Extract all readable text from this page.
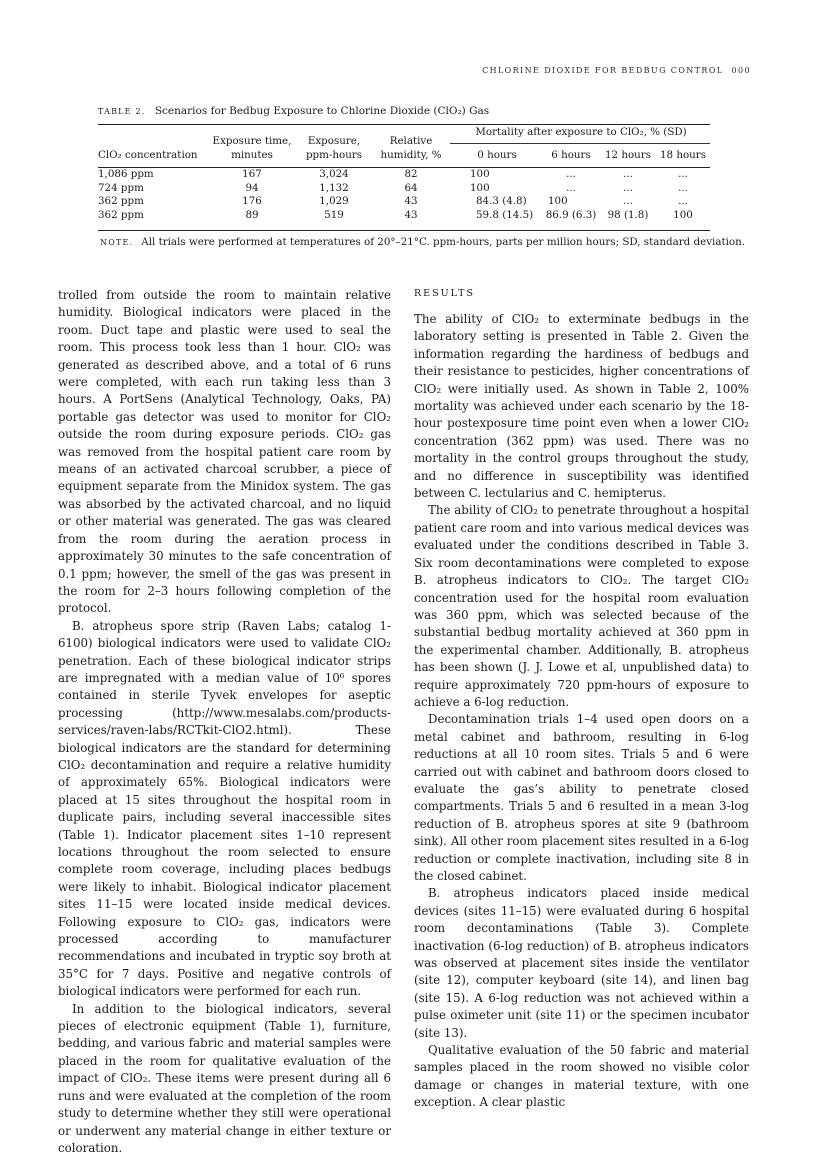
CHLORINE DIOXIDE FOR BEDBUG CONTROL 000
TABLE 2. Scenarios for Bedbug Exposure to Chlorine Dioxide (ClO₂) Gas

	Exposure time,	Exposure,	Relative	Mortality after exposure to ClO₂, % (SD)			
ClO₂ concentration	minutes	ppm-hours	humidity, %	0 hours	6 hours	12 hours	18 hours

1,086 ppm	167	3,024	82	100	...	...	...
724 ppm	94	1,132	64	100	...	...	...
362 ppm	176	1,029	43	84.3 (4.8)	100	...	...
362 ppm	89	519	43	59.8 (14.5)	86.9 (6.3)	98 (1.8)	100
NOTE. All trials were performed at temperatures of 20°–21°C. ppm-hours, parts per million hours; SD, standard deviation.

trolled from outside the room to maintain relative humidity. Biological indicators were placed in the room. Duct tape and plastic were used to seal the room. This process took less than 1 hour. ClO₂ was generated as described above, and a total of 6 runs were completed, with each run taking less than 3 hours. A PortSens (Analytical Technology, Oaks, PA) portable gas detector was used to monitor for ClO₂ outside the room during exposure periods. ClO₂ gas was removed from the hospital patient care room by means of an activated charcoal scrubber, a piece of equipment separate from the Minidox system. The gas was absorbed by the activated charcoal, and no liquid or other material was generated. The gas was cleared from the room during the aeration process in approximately 30 minutes to the safe concentration of 0.1 ppm; however, the smell of the gas was present in the room for 2–3 hours following completion of the protocol.

B. atropheus spore strip (Raven Labs; catalog 1-6100) biological indicators were used to validate ClO₂ penetration. Each of these biological indicator strips are impregnated with a median value of 10⁶ spores contained in sterile Tyvek envelopes for aseptic processing (http://www.mesalabs.com/products-services/raven-labs/RCTkit-ClO2.html). These biological indicators are the standard for determining ClO₂ decontamination and require a relative humidity of approximately 65%. Biological indicators were placed at 15 sites throughout the hospital room in duplicate pairs, including several inaccessible sites (Table 1). Indicator placement sites 1–10 represent locations throughout the room selected to ensure complete room coverage, including places bedbugs were likely to inhabit. Biological indicator placement sites 11–15 were located inside medical devices. Following exposure to ClO₂ gas, indicators were processed according to manufacturer recommendations and incubated in tryptic soy broth at 35°C for 7 days. Positive and negative controls of biological indicators were performed for each run.

In addition to the biological indicators, several pieces of electronic equipment (Table 1), furniture, bedding, and various fabric and material samples were placed in the room for qualitative evaluation of the impact of ClO₂. These items were present during all 6 runs and were evaluated at the completion of the room study to determine whether they still were operational or underwent any material change in either texture or coloration.

RESULTS

The ability of ClO₂ to exterminate bedbugs in the laboratory setting is presented in Table 2. Given the information regarding the hardiness of bedbugs and their resistance to pesticides, higher concentrations of ClO₂ were initially used. As shown in Table 2, 100% mortality was achieved under each scenario by the 18-hour postexposure time point even when a lower ClO₂ concentration (362 ppm) was used. There was no mortality in the control groups throughout the study, and no difference in susceptibility was identified between C. lectularius and C. hemipterus.

The ability of ClO₂ to penetrate throughout a hospital patient care room and into various medical devices was evaluated under the conditions described in Table 3. Six room decontaminations were completed to expose B. atropheus indicators to ClO₂. The target ClO₂ concentration used for the hospital room evaluation was 360 ppm, which was selected because of the substantial bedbug mortality achieved at 360 ppm in the experimental chamber. Additionally, B. atropheus has been shown (J. J. Lowe et al, unpublished data) to require approximately 720 ppm-hours of exposure to achieve a 6-log reduction.

Decontamination trials 1–4 used open doors on a metal cabinet and bathroom, resulting in 6-log reductions at all 10 room sites. Trials 5 and 6 were carried out with cabinet and bathroom doors closed to evaluate the gas’s ability to penetrate closed compartments. Trials 5 and 6 resulted in a mean 3-log reduction of B. atropheus spores at site 9 (bathroom sink). All other room placement sites resulted in a 6-log reduction or complete inactivation, including site 8 in the closed cabinet.

B. atropheus indicators placed inside medical devices (sites 11–15) were evaluated during 6 hospital room decontaminations (Table 3). Complete inactivation (6-log reduction) of B. atropheus indicators was observed at placement sites inside the ventilator (site 12), computer keyboard (site 14), and linen bag (site 15). A 6-log reduction was not achieved within a pulse oximeter unit (site 11) or the specimen incubator (site 13).

Qualitative evaluation of the 50 fabric and material samples placed in the room showed no visible color damage or changes in material texture, with one exception. A clear plastic
